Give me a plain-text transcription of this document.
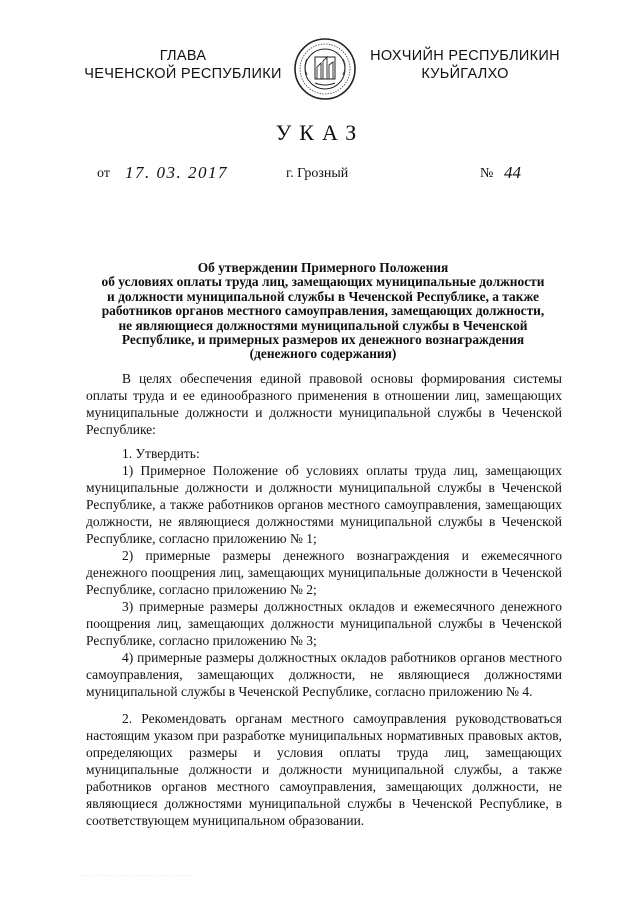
ГЛАВА
ЧЕЧЕНСКОЙ РЕСПУБЛИКИ
НОХЧИЙН РЕСПУБЛИКИН
КУЬЙГАЛХО
УКАЗ
от 17. 03. 2017	г. Грозный	№ 44
Об утверждении Примерного Положения
об условиях оплаты труда лиц, замещающих муниципальные должности
и должности муниципальной службы в Чеченской Республике, а также
работников органов местного самоуправления, замещающих должности,
не являющиеся должностями муниципальной службы в Чеченской
Республике, и примерных размеров их денежного вознаграждения
(денежного содержания)

В целях обеспечения единой правовой основы формирования системы оплаты труда и ее единообразного применения в отношении лиц, замещающих муниципальные должности и должности муниципальной службы в Чеченской Республике:

1. Утвердить:

1) Примерное Положение об условиях оплаты труда лиц, замещающих муниципальные должности и должности муниципальной службы в Чеченской Республике, а также работников органов местного самоуправления, замещающих должности, не являющиеся должностями муниципальной службы в Чеченской Республике, согласно приложению № 1;

2) примерные размеры денежного вознаграждения и ежемесячного денежного поощрения лиц, замещающих муниципальные должности в Чеченской Республике, согласно приложению № 2;

3) примерные размеры должностных окладов и ежемесячного денежного поощрения лиц, замещающих должности муниципальной службы в Чеченской Республике, согласно приложению № 3;

4) примерные размеры должностных окладов работников органов местного самоуправления, замещающих должности, не являющиеся должностями муниципальной службы в Чеченской Республике, согласно приложению № 4.

2. Рекомендовать органам местного самоуправления руководствоваться настоящим указом при разработке муниципальных нормативных правовых актов, определяющих размеры и условия оплаты труда лиц, замещающих муниципальные должности и должности муниципальной службы, а также работников органов местного самоуправления, замещающих должности, не являющиеся должностями муниципальной службы в Чеченской Республике, в соответствующем муниципальном образовании.

. . . . . . . . . . . . . . . . . . . . . . . . . . . . . . . . . . . . . . . . . . . . . . . . . . . .
